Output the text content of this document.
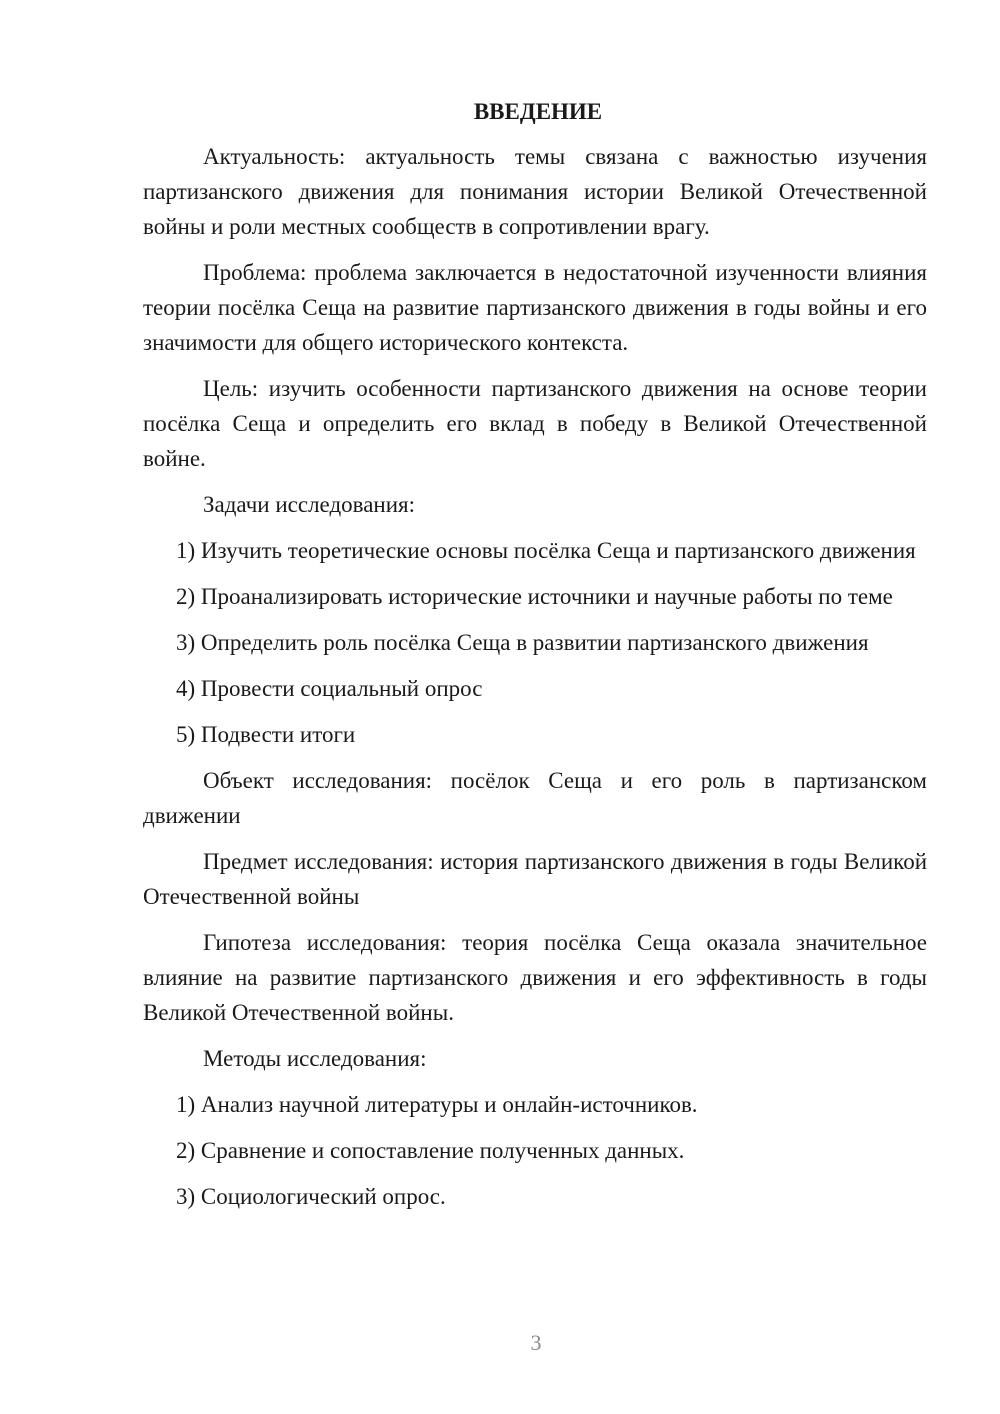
ВВЕДЕНИЕ

Актуальность: актуальность темы связана с важностью изучения партизанского движения для понимания истории Великой Отечественной войны и роли местных сообществ в сопротивлении врагу.

Проблема: проблема заключается в недостаточной изученности влияния теории посёлка Сеща на развитие партизанского движения в годы войны и его значимости для общего исторического контекста.

Цель: изучить особенности партизанского движения на основе теории посёлка Сеща и определить его вклад в победу в Великой Отечественной войне.

Задачи исследования:

1) Изучить теоретические основы посёлка Сеща и партизанского движения

2) Проанализировать исторические источники и научные работы по теме

3) Определить роль посёлка Сеща в развитии партизанского движения

4) Провести социальный опрос

5) Подвести итоги

Объект исследования: посёлок Сеща и его роль в партизанском движении

Предмет исследования: история партизанского движения в годы Великой Отечественной войны

Гипотеза исследования: теория посёлка Сеща оказала значительное влияние на развитие партизанского движения и его эффективность в годы Великой Отечественной войны.

Методы исследования:

1) Анализ научной литературы и онлайн-источников.

2) Сравнение и сопоставление полученных данных.

3) Социологический опрос.

3
